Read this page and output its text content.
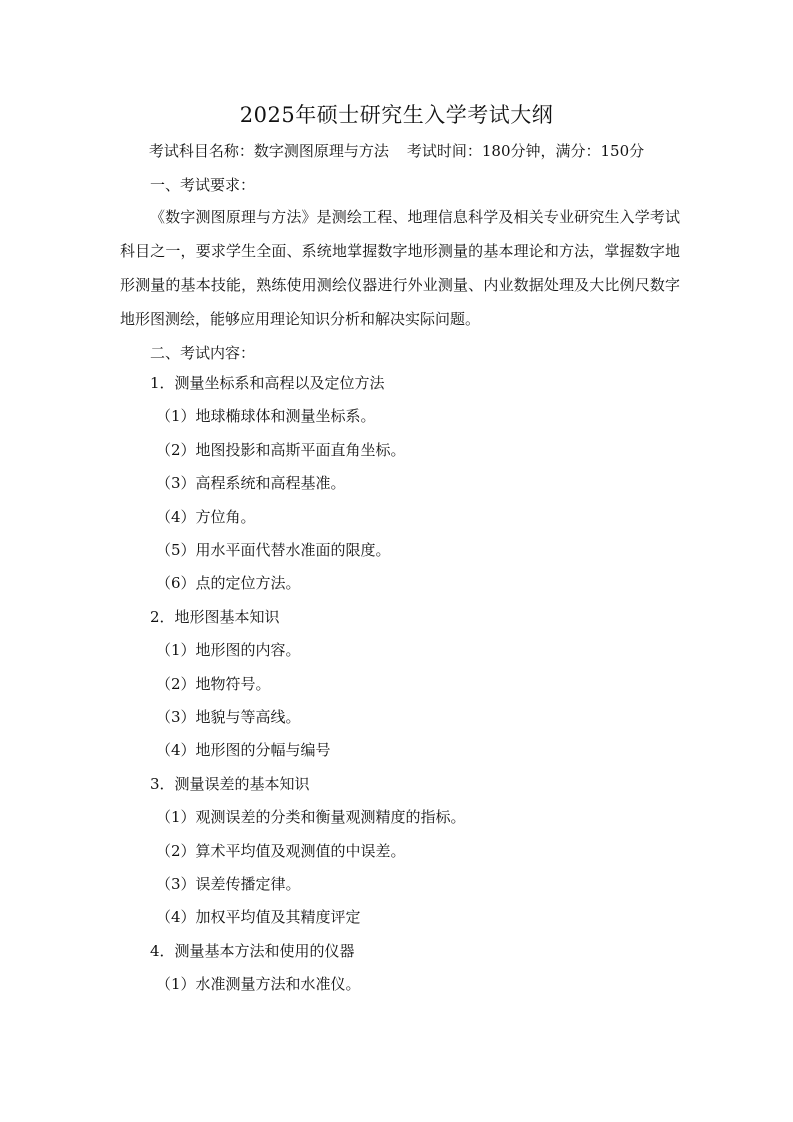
2025年硕士研究生入学考试大纲
考试科目名称：数字测图原理与方法 考试时间：180分钟，满分：150分
一、考试要求：
《数字测图原理与方法》是测绘工程、地理信息科学及相关专业研究生入学考试科目之一，要求学生全面、系统地掌握数字地形测量的基本理论和方法，掌握数字地形测量的基本技能，熟练使用测绘仪器进行外业测量、内业数据处理及大比例尺数字地形图测绘，能够应用理论知识分析和解决实际问题。
二、考试内容：
1．测量坐标系和高程以及定位方法
（1）地球椭球体和测量坐标系。
（2）地图投影和高斯平面直角坐标。
（3）高程系统和高程基准。
（4）方位角。
（5）用水平面代替水准面的限度。
（6）点的定位方法。
2．地形图基本知识
（1）地形图的内容。
（2）地物符号。
（3）地貌与等高线。
（4）地形图的分幅与编号
3．测量误差的基本知识
（1）观测误差的分类和衡量观测精度的指标。
（2）算术平均值及观测值的中误差。
（3）误差传播定律。
（4）加权平均值及其精度评定
4．测量基本方法和使用的仪器
（1）水准测量方法和水准仪。
